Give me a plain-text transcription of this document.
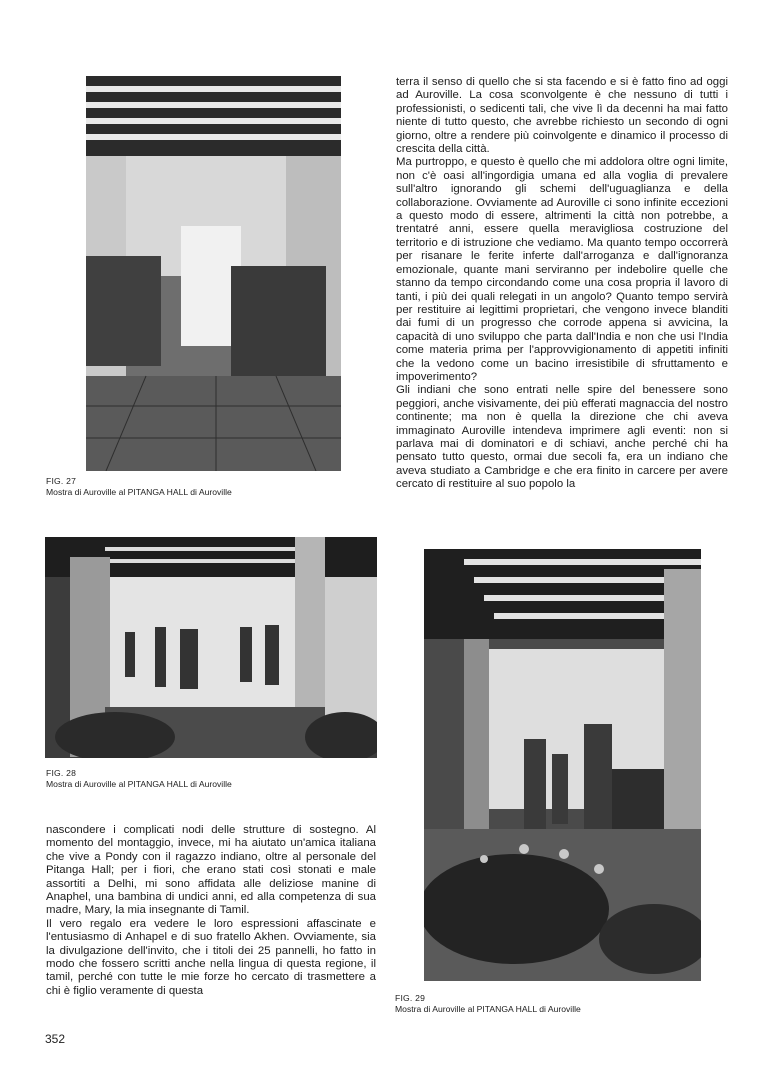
FIG. 27
Mostra di Auroville al PITANGA HALL di Auroville

terra il senso di quello che si sta facendo e si è fatto fino ad oggi ad Auroville. La cosa sconvolgente è che nessuno di tutti i professionisti, o sedicenti tali, che vive lì da decenni ha mai fatto niente di tutto questo, che avrebbe richiesto un secondo di ogni giorno, oltre a rendere più coinvolgente e dinamico il processo di crescita della città.

Ma purtroppo, e questo è quello che mi addolora oltre ogni limite, non c'è oasi all'ingordigia umana ed alla voglia di prevalere sull'altro ignorando gli schemi dell'uguaglianza e della collaborazione. Ovviamente ad Auroville ci sono infinite eccezioni a questo modo di essere, altrimenti la città non potrebbe, a trentatré anni, essere quella meravigliosa costruzione del territorio e di istruzione che vediamo. Ma quanto tempo occorrerà per risanare le ferite inferte dall'arroganza e dall'ignoranza emozionale, quante mani serviranno per indebolire quelle che stanno da tempo circondando come una cosa propria il lavoro di tanti, i più dei quali relegati in un angolo? Quanto tempo servirà per restituire ai legittimi proprietari, che vengono invece blanditi dai fumi di un progresso che corrode appena si avvicina, la capacità di uno sviluppo che parta dall'India e non che usi l'India come materia prima per l'approvvigionamento di appetiti infiniti che la vedono come un bacino irresistibile di sfruttamento e impoverimento?

Gli indiani che sono entrati nelle spire del benessere sono peggiori, anche visivamente, dei più efferati magnaccia del nostro continente; ma non è quella la direzione che chi aveva immaginato Auroville intendeva imprimere agli eventi: non si parlava mai di dominatori e di schiavi, anche perché chi ha pensato tutto questo, ormai due secoli fa, era un indiano che aveva studiato a Cambridge e che era finito in carcere per avere cercato di restituire al suo popolo la

FIG. 28
Mostra di Auroville al PITANGA HALL di Auroville

nascondere i complicati nodi delle strutture di sostegno. Al momento del montaggio, invece, mi ha aiutato un'amica italiana che vive a Pondy con il ragazzo indiano, oltre al personale del Pitanga Hall; per i fiori, che erano stati così stonati e male assortiti a Delhi, mi sono affidata alle deliziose manine di Anaphel, una bambina di undici anni, ed alla competenza di sua madre, Mary, la mia insegnante di Tamil.

Il vero regalo era vedere le loro espressioni affascinate e l'entusiasmo di Anhapel e di suo fratello Akhen. Ovviamente, sia la divulgazione dell'invito, che i titoli dei 25 pannelli, ho fatto in modo che fossero scritti anche nella lingua di questa regione, il tamil, perché con tutte le mie forze ho cercato di trasmettere a chi è figlio veramente di questa

FIG. 29
Mostra di Auroville al PITANGA HALL di Auroville
352
